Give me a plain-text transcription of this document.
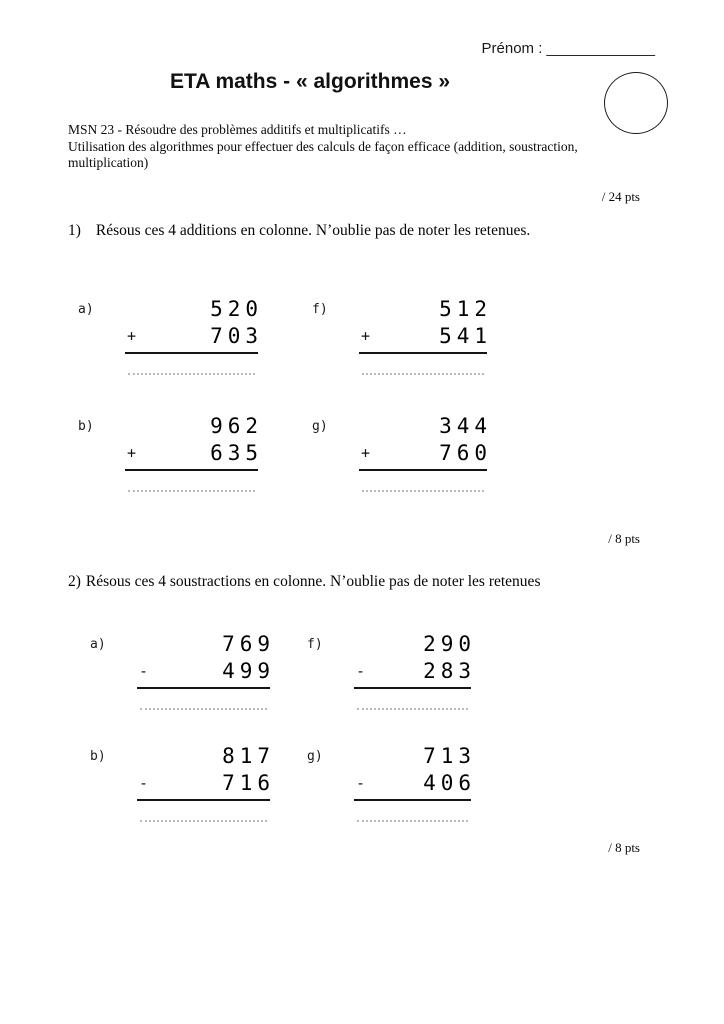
Prénom : _____________
ETA maths - « algorithmes »
MSN 23 - Résoudre des problèmes additifs et multiplicatifs …
Utilisation des algorithmes pour effectuer des calculs de façon efficace (addition, soustraction,
multiplication)
/ 24 pts
1) Résous ces 4 additions en colonne. N’oublie pas de noter les retenues.
a)	520
+	703
f)	512
+	541
b)	962
+	635
g)	344
+	760
/ 8 pts
2) Résous ces 4 soustractions en colonne. N’oublie pas de noter les retenues
a)	769
-	499
f)	290
-	283
b)	817
-	716
g)	713
-	406
/ 8 pts
